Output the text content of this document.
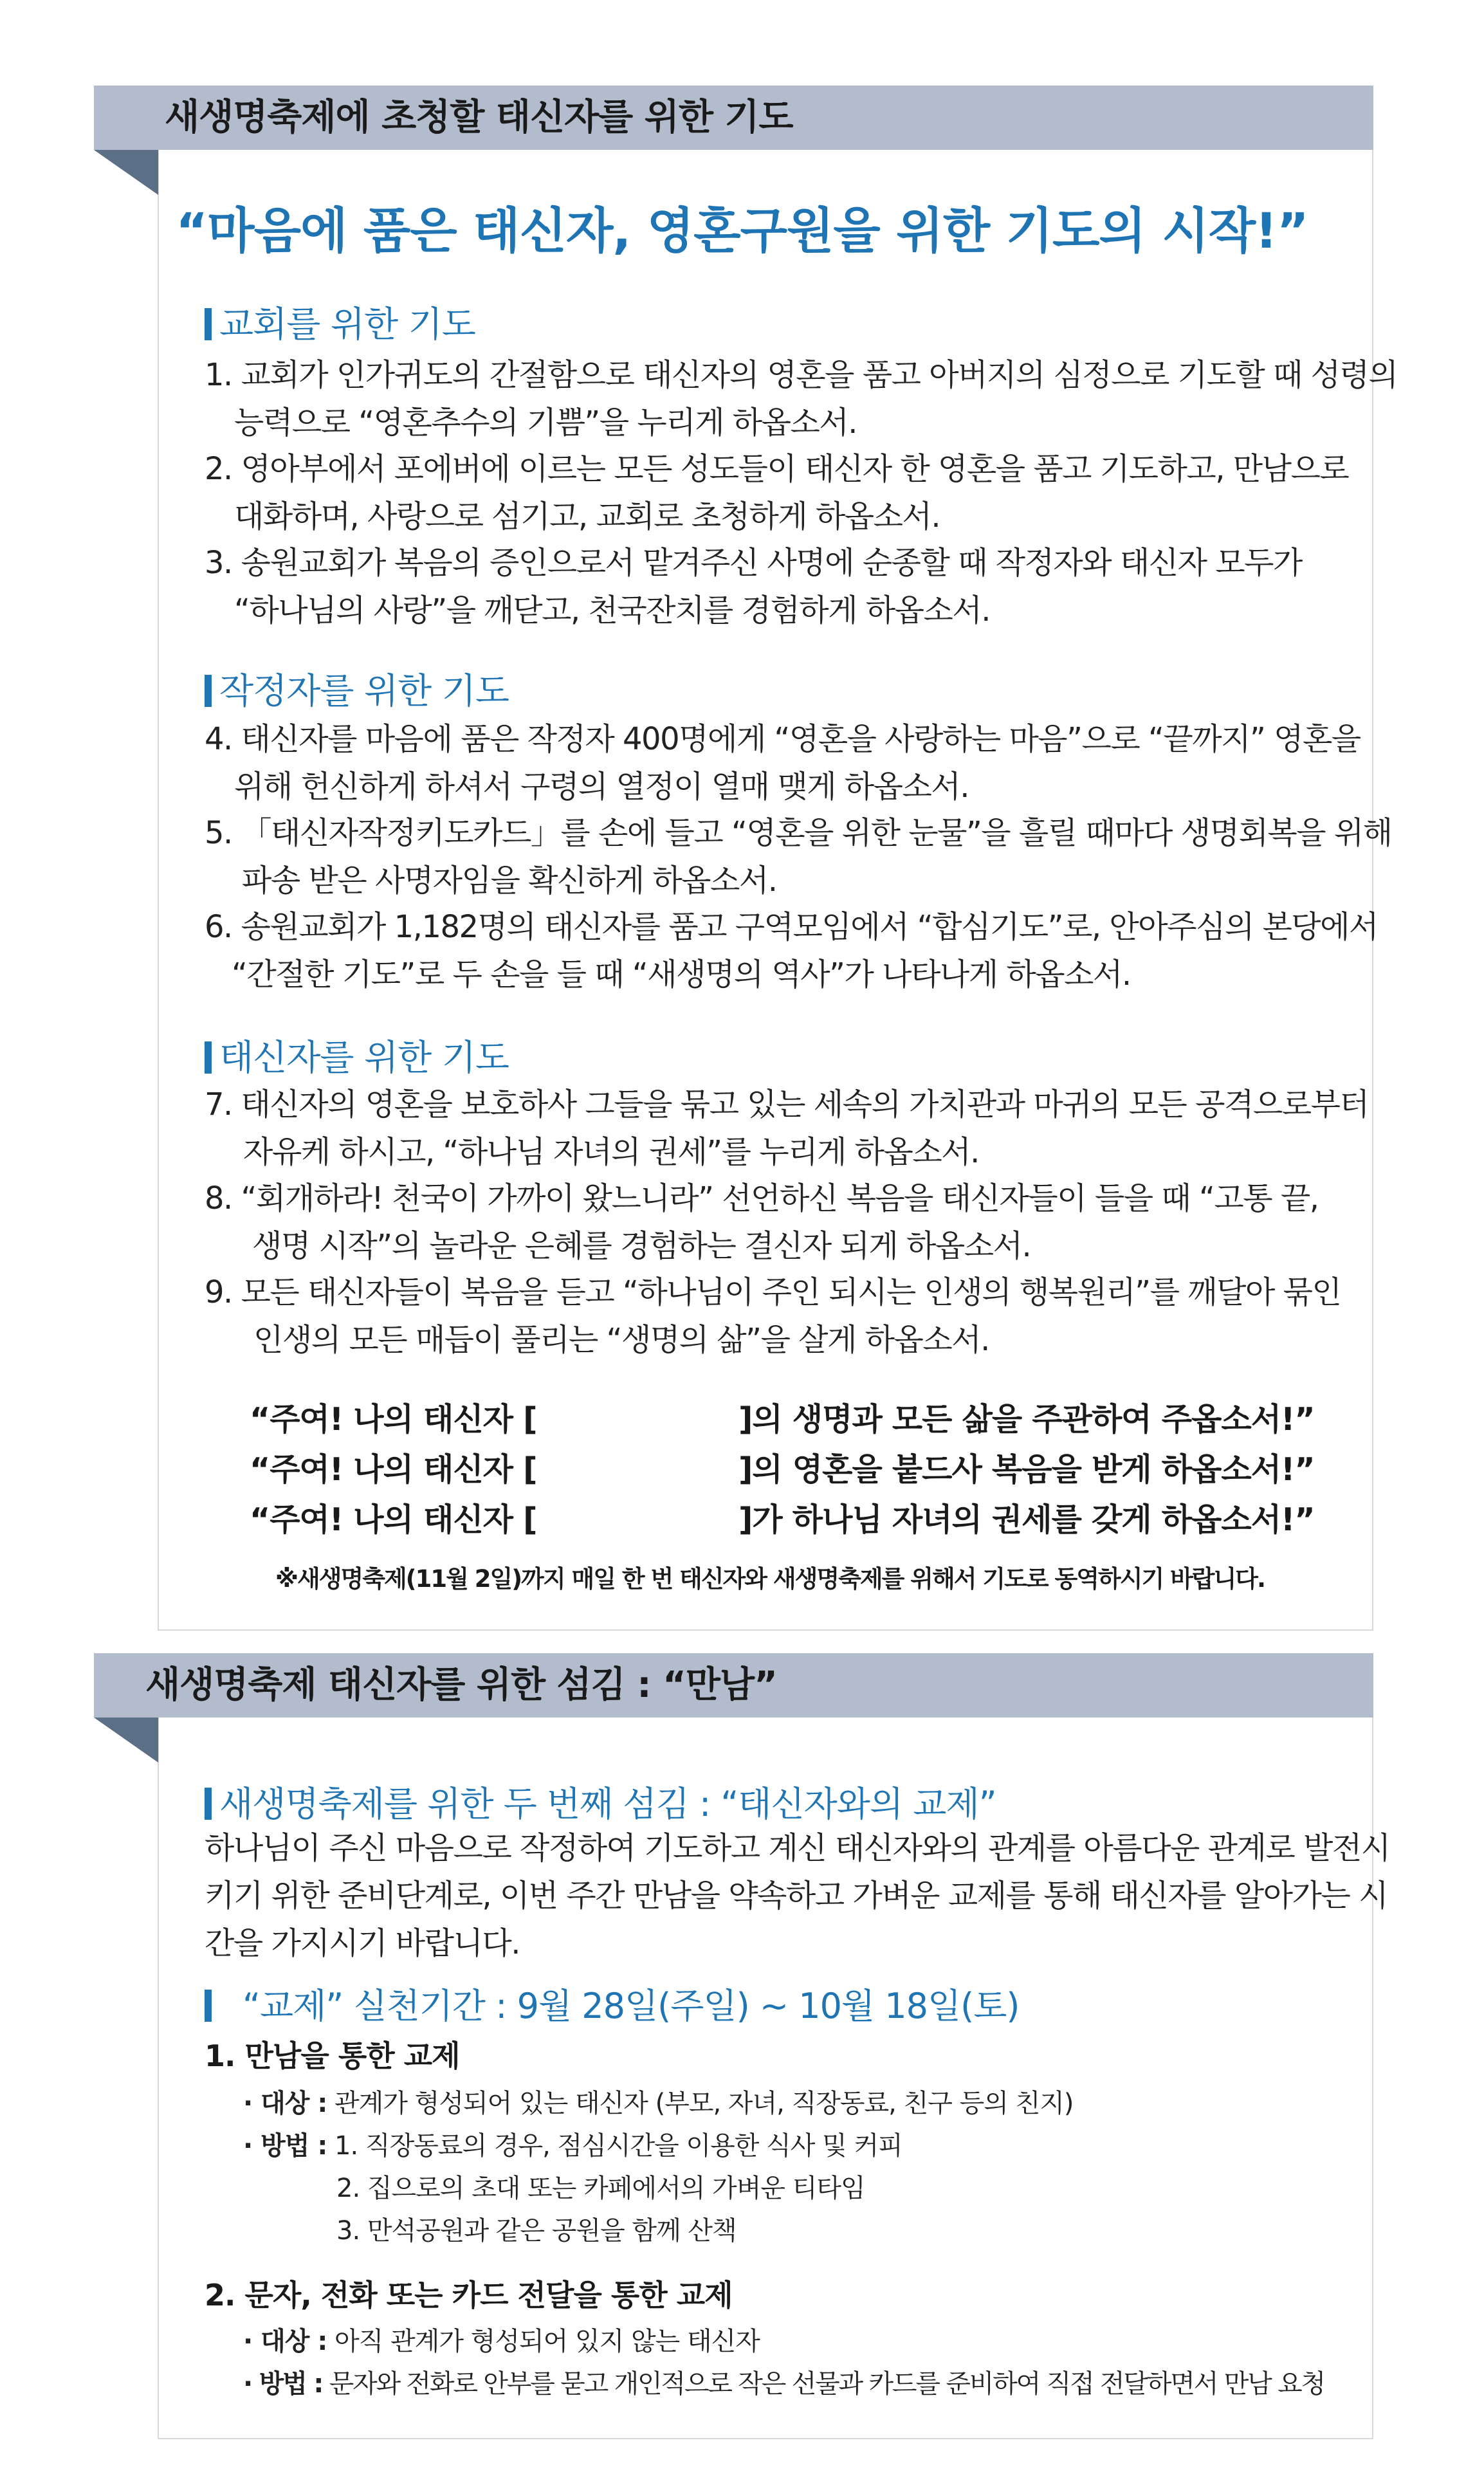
새생명축제에 초청할 태신자를 위한 기도
“마음에 품은 태신자, 영혼구원을 위한 기도의 시작!”
교회를 위한 기도
1. 교회가 인가귀도의 간절함으로 태신자의 영혼을 품고 아버지의 심정으로 기도할 때 성령의
능력으로 “영혼추수의 기쁨”을 누리게 하옵소서.
2. 영아부에서 포에버에 이르는 모든 성도들이 태신자 한 영혼을 품고 기도하고, 만남으로
대화하며, 사랑으로 섬기고, 교회로 초청하게 하옵소서.
3. 송원교회가 복음의 증인으로서 맡겨주신 사명에 순종할 때 작정자와 태신자 모두가
“하나님의 사랑”을 깨닫고, 천국잔치를 경험하게 하옵소서.
작정자를 위한 기도
4. 태신자를 마음에 품은 작정자 400명에게 “영혼을 사랑하는 마음”으로 “끝까지” 영혼을
위해 헌신하게 하셔서 구령의 열정이 열매 맺게 하옵소서.
5. 「태신자작정키도카드」를 손에 들고 “영혼을 위한 눈물”을 흘릴 때마다 생명회복을 위해
파송 받은 사명자임을 확신하게 하옵소서.
6. 송원교회가 1,182명의 태신자를 품고 구역모임에서 “합심기도”로, 안아주심의 본당에서
“간절한 기도”로 두 손을 들 때 “새생명의 역사”가 나타나게 하옵소서.
태신자를 위한 기도
7. 태신자의 영혼을 보호하사 그들을 묶고 있는 세속의 가치관과 마귀의 모든 공격으로부터
자유케 하시고, “하나님 자녀의 권세”를 누리게 하옵소서.
8. “회개하라! 천국이 가까이 왔느니라” 선언하신 복음을 태신자들이 들을 때 “고통 끝,
생명 시작”의 놀라운 은혜를 경험하는 결신자 되게 하옵소서.
9. 모든 태신자들이 복음을 듣고 “하나님이 주인 되시는 인생의 행복원리”를 깨달아 묶인
인생의 모든 매듭이 풀리는 “생명의 삶”을 살게 하옵소서.
“주여! 나의 태신자 [	]의 생명과 모든 삶을 주관하여 주옵소서!”
“주여! 나의 태신자 [	]의 영혼을 붙드사 복음을 받게 하옵소서!”
“주여! 나의 태신자 [	]가 하나님 자녀의 권세를 갖게 하옵소서!”
※새생명축제(11월 2일)까지 매일 한 번 태신자와 새생명축제를 위해서 기도로 동역하시기 바랍니다.
새생명축제 태신자를 위한 섬김 : “만남”
새생명축제를 위한 두 번째 섬김 : “태신자와의 교제”
하나님이 주신 마음으로 작정하여 기도하고 계신 태신자와의 관계를 아름다운 관계로 발전시
키기 위한 준비단계로, 이번 주간 만남을 약속하고 가벼운 교제를 통해 태신자를 알아가는 시
간을 가지시기 바랍니다.
“교제” 실천기간 : 9월 28일(주일) ~ 10월 18일(토)
1. 만남을 통한 교제
· 대상 : 관계가 형성되어 있는 태신자 (부모, 자녀, 직장동료, 친구 등의 친지)
· 방법 : 1. 직장동료의 경우, 점심시간을 이용한 식사 및 커피
2. 집으로의 초대 또는 카페에서의 가벼운 티타임
3. 만석공원과 같은 공원을 함께 산책
2. 문자, 전화 또는 카드 전달을 통한 교제
· 대상 : 아직 관계가 형성되어 있지 않는 태신자
· 방법 : 문자와 전화로 안부를 묻고 개인적으로 작은 선물과 카드를 준비하여 직접 전달하면서 만남 요청
